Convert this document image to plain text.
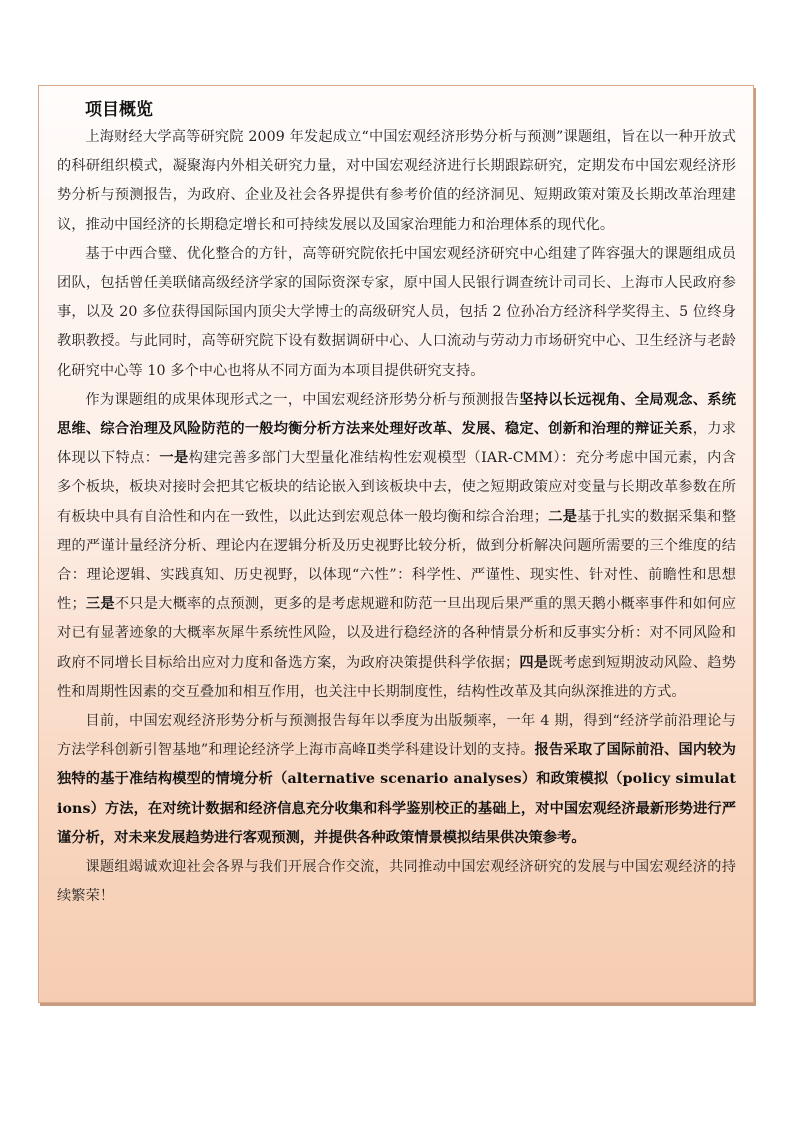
项目概览

上海财经大学高等研究院 2009 年发起成立“中国宏观经济形势分析与预测”课题组，旨在以一种开放式的科研组织模式，凝聚海内外相关研究力量，对中国宏观经济进行长期跟踪研究，定期发布中国宏观经济形势分析与预测报告，为政府、企业及社会各界提供有参考价值的经济洞见、短期政策对策及长期改革治理建议，推动中国经济的长期稳定增长和可持续发展以及国家治理能力和治理体系的现代化。

基于中西合璧、优化整合的方针，高等研究院依托中国宏观经济研究中心组建了阵容强大的课题组成员团队，包括曾任美联储高级经济学家的国际资深专家，原中国人民银行调查统计司司长、上海市人民政府参事，以及 20 多位获得国际国内顶尖大学博士的高级研究人员，包括 2 位孙冶方经济科学奖得主、5 位终身教职教授。与此同时，高等研究院下设有数据调研中心、人口流动与劳动力市场研究中心、卫生经济与老龄化研究中心等 10 多个中心也将从不同方面为本项目提供研究支持。

作为课题组的成果体现形式之一，中国宏观经济形势分析与预测报告坚持以长远视角、全局观念、系统思维、综合治理及风险防范的一般均衡分析方法来处理好改革、发展、稳定、创新和治理的辩证关系，力求体现以下特点：一是构建完善多部门大型量化准结构性宏观模型（IAR-CMM）：充分考虑中国元素，内含多个板块，板块对接时会把其它板块的结论嵌入到该板块中去，使之短期政策应对变量与长期改革参数在所有板块中具有自洽性和内在一致性，以此达到宏观总体一般均衡和综合治理；二是基于扎实的数据采集和整理的严谨计量经济分析、理论内在逻辑分析及历史视野比较分析，做到分析解决问题所需要的三个维度的结合：理论逻辑、实践真知、历史视野，以体现“六性”：科学性、严谨性、现实性、针对性、前瞻性和思想性；三是不只是大概率的点预测，更多的是考虑规避和防范一旦出现后果严重的黑天鹅小概率事件和如何应对已有显著迹象的大概率灰犀牛系统性风险，以及进行稳经济的各种情景分析和反事实分析：对不同风险和政府不同增长目标给出应对力度和备选方案，为政府决策提供科学依据；四是既考虑到短期波动风险、趋势性和周期性因素的交互叠加和相互作用，也关注中长期制度性，结构性改革及其向纵深推进的方式。

目前，中国宏观经济形势分析与预测报告每年以季度为出版频率，一年 4 期，得到“经济学前沿理论与方法学科创新引智基地”和理论经济学上海市高峰Ⅱ类学科建设计划的支持。报告采取了国际前沿、国内较为独特的基于准结构模型的情境分析（alternative scenario analyses）和政策模拟（policy simulations）方法，在对统计数据和经济信息充分收集和科学鉴别校正的基础上，对中国宏观经济最新形势进行严谨分析，对未来发展趋势进行客观预测，并提供各种政策情景模拟结果供决策参考。

课题组竭诚欢迎社会各界与我们开展合作交流，共同推动中国宏观经济研究的发展与中国宏观经济的持续繁荣！
